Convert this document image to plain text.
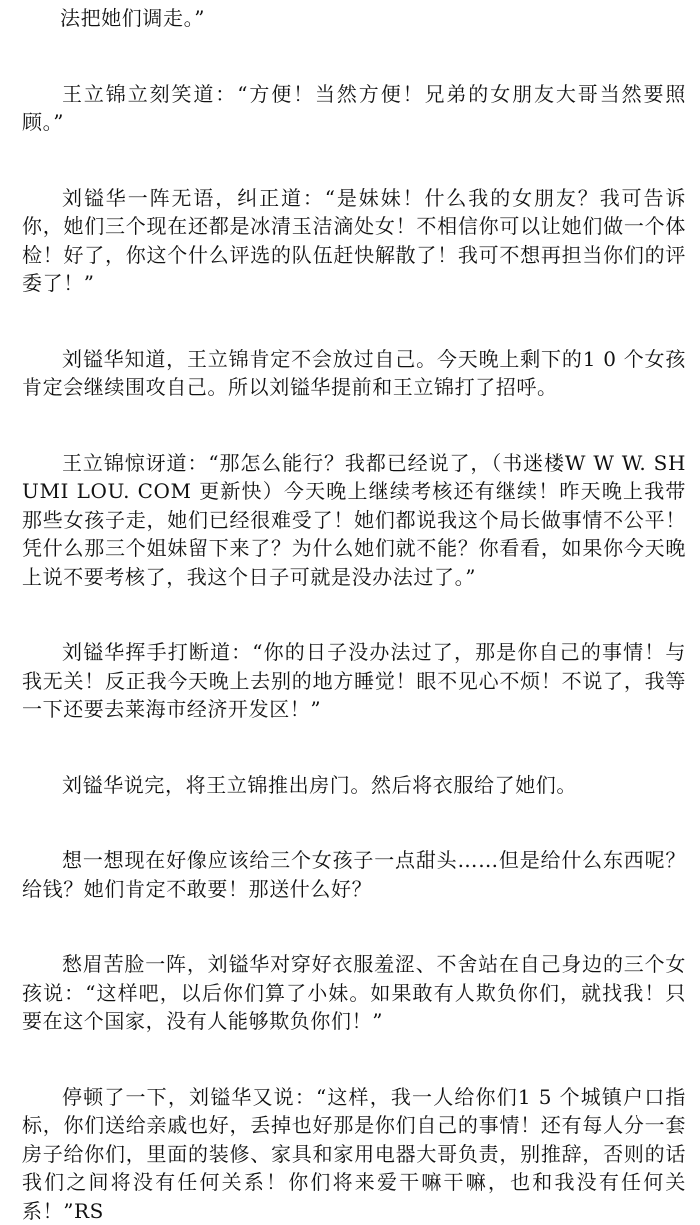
法把她们调走。”

王立锦立刻笑道：“方便！当然方便！兄弟的女朋友大哥当然要照顾。”

刘镒华一阵无语，纠正道：“是妹妹！什么我的女朋友？我可告诉你，她们三个现在还都是冰清玉洁滴处女！不相信你可以让她们做一个体检！好了，你这个什么评选的队伍赶快解散了！我可不想再担当你们的评委了！”

刘镒华知道，王立锦肯定不会放过自己。今天晚上剩下的1 0 个女孩肯定会继续围攻自己。所以刘镒华提前和王立锦打了招呼。

王立锦惊讶道：“那怎么能行？我都已经说了，（书迷楼W W W. SHUMI LOU. COM 更新快）今天晚上继续考核还有继续！昨天晚上我带那些女孩子走，她们已经很难受了！她们都说我这个局长做事情不公平！凭什么那三个姐妹留下来了？为什么她们就不能？你看看，如果你今天晚上说不要考核了，我这个日子可就是没办法过了。”

刘镒华挥手打断道：“你的日子没办法过了，那是你自己的事情！与我无关！反正我今天晚上去别的地方睡觉！眼不见心不烦！不说了，我等一下还要去莱海市经济开发区！”

刘镒华说完，将王立锦推出房门。然后将衣服给了她们。

想一想现在好像应该给三个女孩子一点甜头……但是给什么东西呢？给钱？她们肯定不敢要！那送什么好？

愁眉苦脸一阵，刘镒华对穿好衣服羞涩、不舍站在自己身边的三个女孩说：“这样吧，以后你们算了小妹。如果敢有人欺负你们，就找我！只要在这个国家，没有人能够欺负你们！”

停顿了一下，刘镒华又说：“这样，我一人给你们1 5 个城镇户口指标，你们送给亲戚也好，丢掉也好那是你们自己的事情！还有每人分一套房子给你们，里面的装修、家具和家用电器大哥负责，别推辞，否则的话我们之间将没有任何关系！你们将来爱干嘛干嘛，也和我没有任何关系！”RS
